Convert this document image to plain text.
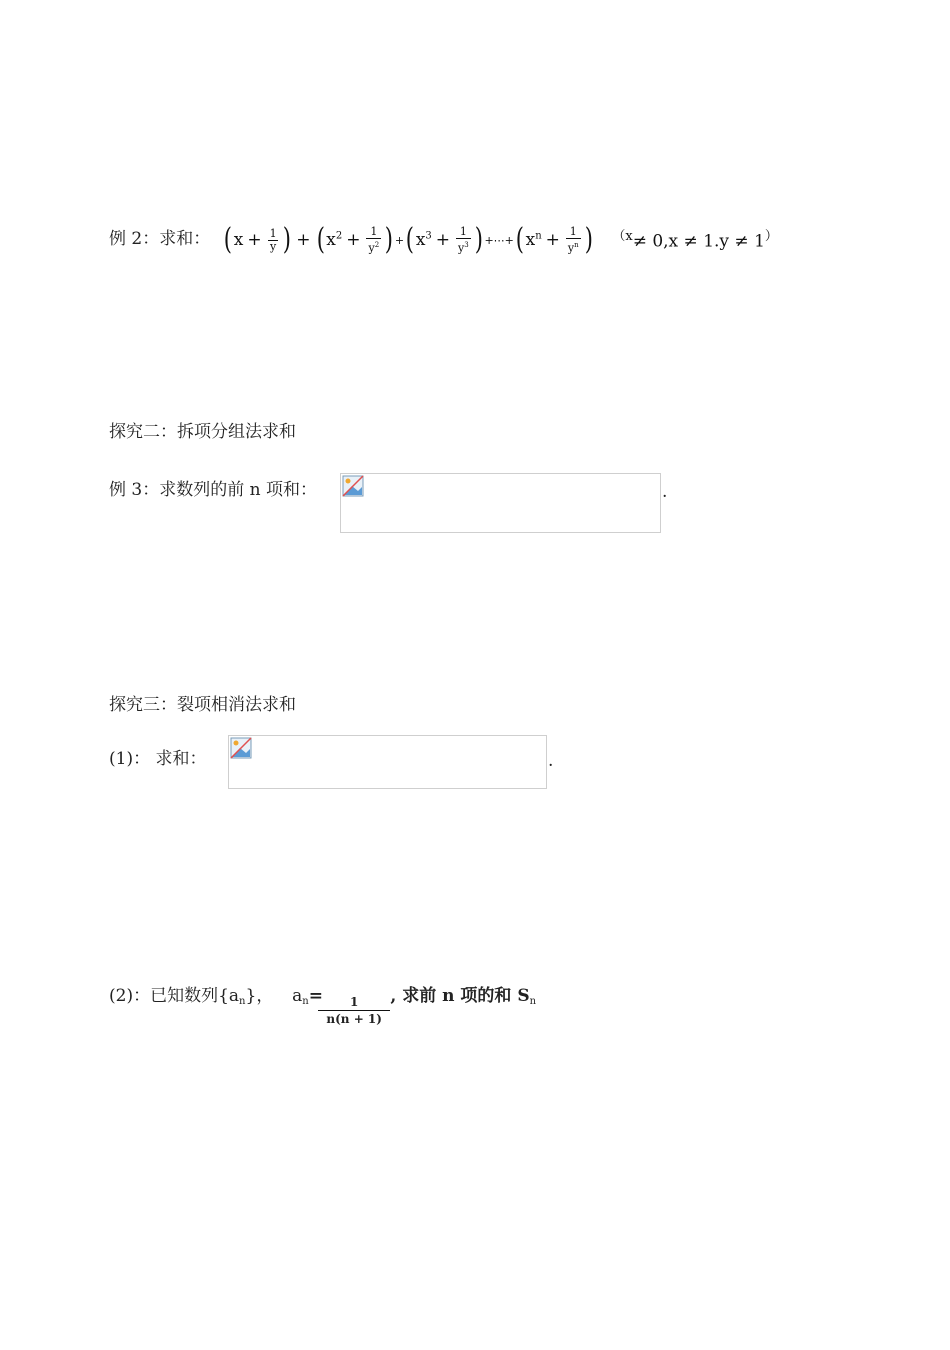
例 2：求和： ( $x + \frac{1}{y}$ ) + ( $x^2 + \frac{1}{y^2}$ ) + ( $x^3 + \frac{1}{y^3}$ ) +⋯+ ( $x^n + \frac{1}{y^n}$ ) $^{(x}$≠ 0,x ≠ 1.y ≠ 1）
探究二：拆项分组法求和
例 3：求数列的前 n 项和：	.
探究三：裂项相消法求和
(1)： 求和：	.
(2)：已知数列$\{a_n\}$， $a_n= \frac{1}{n(n + 1)}$ , 求前 n 项的和 $S_n$
